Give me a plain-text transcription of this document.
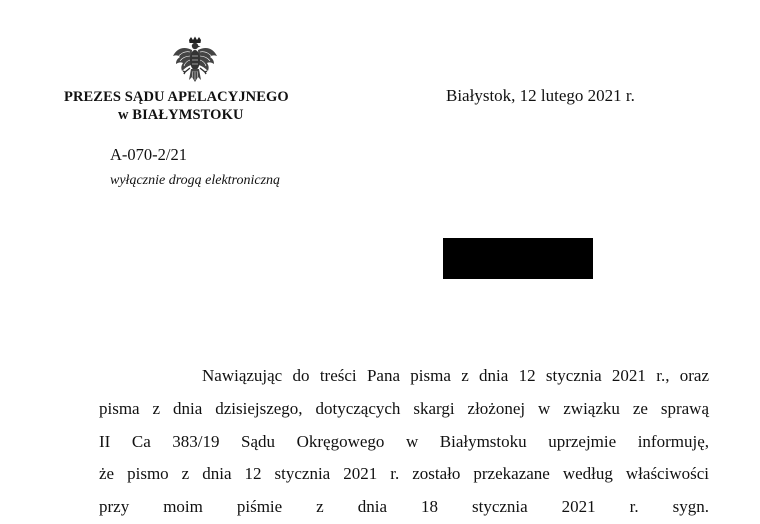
PREZES SĄDU APELACYJNEGO
w BIAŁYMSTOKU
Białystok, 12 lutego 2021 r.
A-070-2/21
wyłącznie drogą elektroniczną
Nawiązując do treści Pana pisma z dnia 12 stycznia 2021 r., oraz
pisma z dnia dzisiejszego, dotyczących skargi złożonej w związku ze sprawą
II Ca 383/19 Sądu Okręgowego w Białymstoku uprzejmie informuję,
że pismo z dnia 12 stycznia 2021 r. zostało przekazane według właściwości
przy moim piśmie z dnia 18 stycznia 2021 r. sygn.
